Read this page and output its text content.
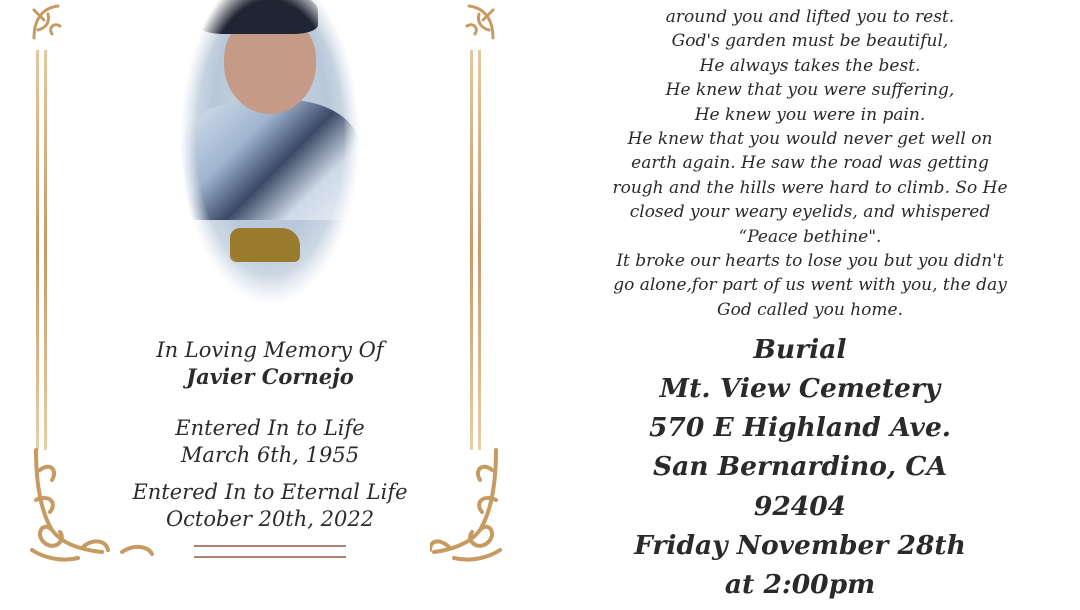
In Loving Memory Of
Javier Cornejo
Entered In to Life
March 6th, 1955
Entered In to Eternal Life
October 20th, 2022
around you and lifted you to rest.
God's garden must be beautiful,
He always takes the best.
He knew that you were suffering,
He knew you were in pain.
He knew that you would never get well on
earth again. He saw the road was getting
rough and the hills were hard to climb. So He
closed your weary eyelids, and whispered
“Peace bethine".
It broke our hearts to lose you but you didn't
go alone,for part of us went with you, the day
God called you home.
Burial
Mt. View Cemetery
570 E Highland Ave.
San Bernardino, CA
92404
Friday November 28th
at 2:00pm
